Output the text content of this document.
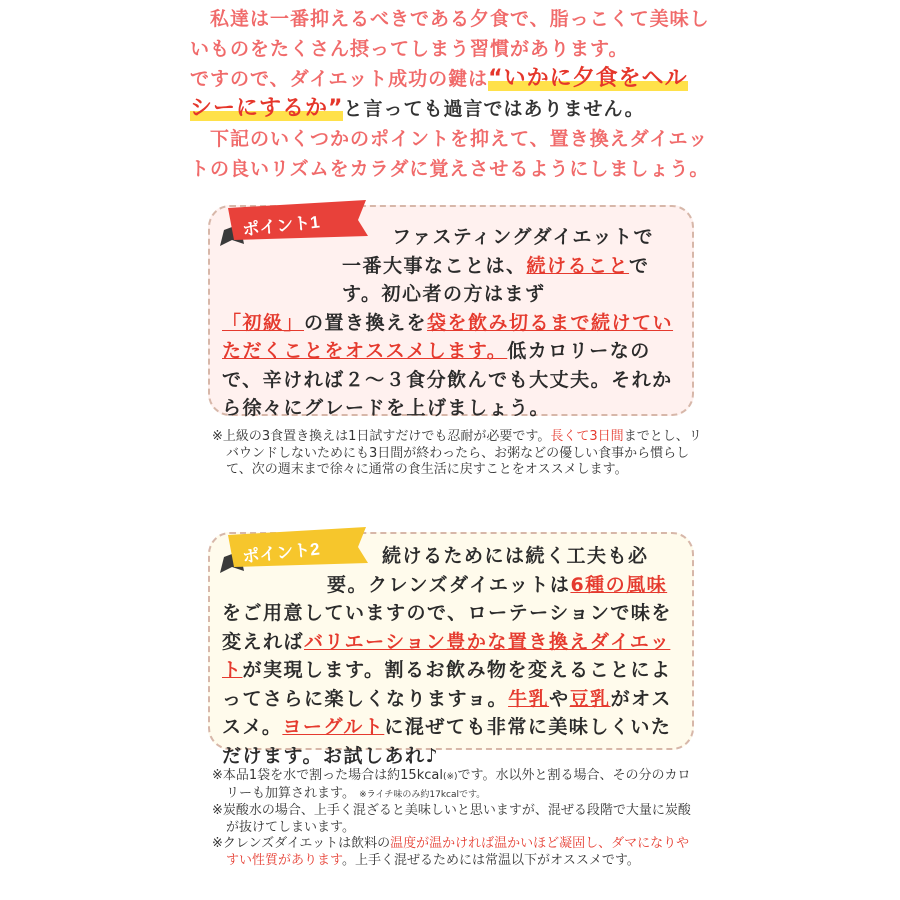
　私達は一番抑えるべきである夕食で、脂っこくて美味しいものをたくさん摂ってしまう習慣があります。

ですので、ダイエット成功の鍵は“いかに夕食をヘルシーにするか”と言っても過言ではありません。

　下記のいくつかのポイントを抑えて、置き換えダイエットの良いリズムをカラダに覚えさせるようにしましょう。

ファスティングダイエットで
一番大事なことは、続けることです。初心者の方はまず
「初級」の置き換えを袋を飲み切るまで続けていただくことをオススメします。低カロリーなので、辛ければ２～３食分飲んでも大丈夫。それから徐々にグレードを上げましょう。
ポイント1

※上級の3食置き換えは1日試すだけでも忍耐が必要です。長くて3日間までとし、リバウンドしないためにも3日間が終わったら、お粥などの優しい食事から慣らして、次の週末まで徐々に通常の食生活に戻すことをオススメします。

続けるためには続く工夫も必
要。クレンズダイエットは6種の風味
をご用意していますので、ローテーションで味を変えればバリエーション豊かな置き換えダイエットが実現します。割るお飲み物を変えることによってさらに楽しくなりますョ。牛乳や豆乳がオススメ。ヨーグルトに混ぜても非常に美味しくいただけます。お試しあれ♪
ポイント2

※本品1袋を水で割った場合は約15kcal(※)です。水以外と割る場合、その分のカロリーも加算されます。 ※ライチ味のみ約17kcalです。

※炭酸水の場合、上手く混ざると美味しいと思いますが、混ぜる段階で大量に炭酸が抜けてしまいます。

※クレンズダイエットは飲料の温度が温かければ温かいほど凝固し、ダマになりやすい性質があります。上手く混ぜるためには常温以下がオススメです。
